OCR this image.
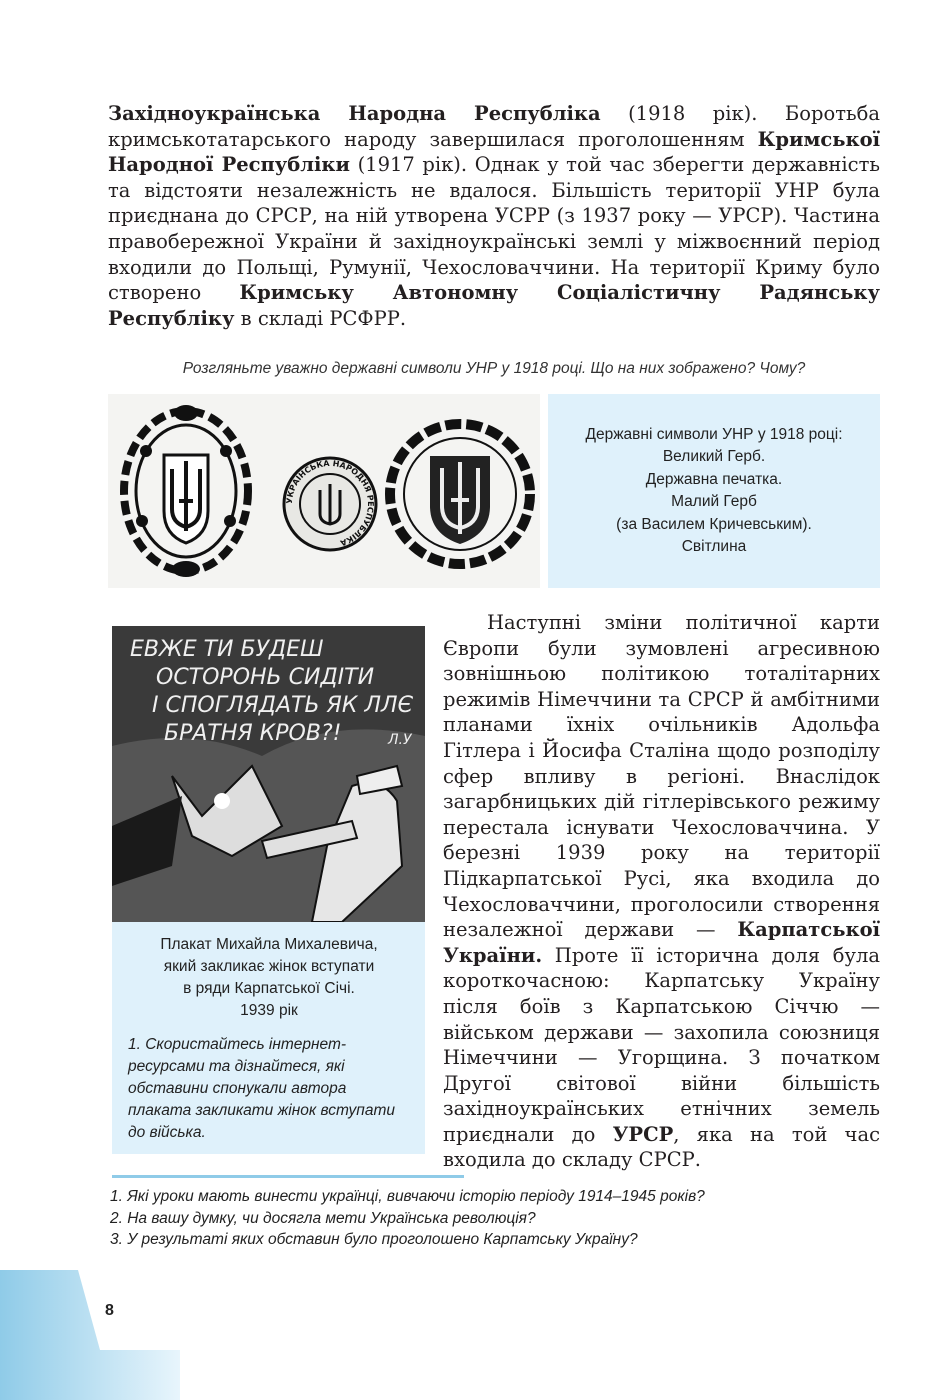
Західноукраїнська Народна Республіка (1918 рік). Боротьба кримськотатарського народу завершилася проголошенням Кримської Народної Республіки (1917 рік). Однак у той час зберегти державність та відстояти незалежність не вдалося. Більшість території УНР була приєднана до СРСР, на ній утворена УСРР (з 1937 року — УРСР). Частина правобережної України й західноукраїнські землі у міжвоєнний період входили до Польщі, Румунії, Чехословаччини. На території Криму було створено Кримську Автономну Соціалістичну Радянську Республіку в складі РСФРР.

Розгляньте уважно державні символи УНР у 1918 році. Що на них зображено? Чому?
УКРАЇНСЬКА НАРОДНЯ РЕСПУБЛІКА
Державні символи УНР у 1918 році:
Великий Герб.
Державна печатка.
Малий Герб
(за Василем Кричевським).
Світлина
ЕВЖЕ ТИ БУДЕШ
ОСТОРОНЬ СИДІТИ
І СПОГЛЯДАТЬ ЯК ЛЛЄ
БРАТНЯ КРОВ?!	Л.У
Плакат Михайла Михалевича,
який закликає жінок вступати
в ряди Карпатської Січі.
1939 рік
1. Скористайтесь інтернет-ресурсами та дізнайтеся, які обставини спонукали автора плаката закликати жінок вступати до війська.

Наступні зміни політичної карти Європи були зумовлені агресивною зовнішньою політикою тоталітарних режимів Німеччини та СРСР й амбітними планами їхніх очільників Адольфа Гітлера і Йосифа Сталіна щодо розподілу сфер впливу в регіоні. Внаслідок загарбницьких дій гітлерівського режиму перестала існувати Чехословаччина. У березні 1939 року на території Підкарпатської Русі, яка входила до Чехословаччини, проголосили створення незалежної держави — Карпатської України. Проте її історична доля була короткочасною: Карпатську Україну після боїв з Карпатською Січчю — військом держави — захопила союзниця Німеччини — Угорщина. З початком Другої світової війни більшість західноукраїнських етнічних земель приєднали до УРСР, яка на той час входила до складу СРСР.

1. Які уроки мають винести українці, вивчаючи історію періоду 1914–1945 років?
2. На вашу думку, чи досягла мети Українська революція?
3. У результаті яких обставин було проголошено Карпатську Україну?
8
